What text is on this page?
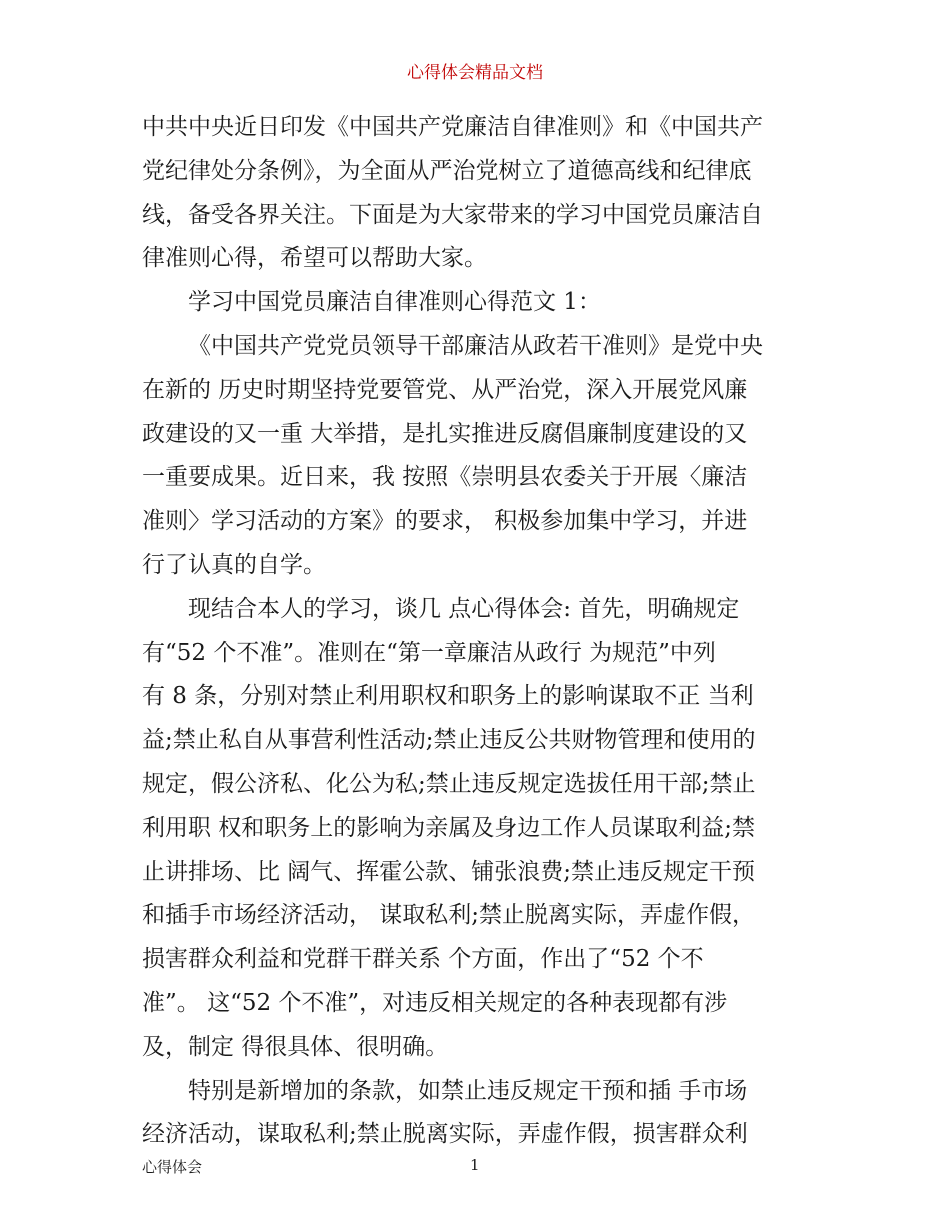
心得体会精品文档
中共中央近日印发《中国共产党廉洁自律准则》和《中国共产
党纪律处分条例》，为全面从严治党树立了道德高线和纪律底
线，备受各界关注。下面是为大家带来的学习中国党员廉洁自
律准则心得，希望可以帮助大家。
学习中国党员廉洁自律准则心得范文 1：
《中国共产党党员领导干部廉洁从政若干准则》是党中央
在新的 历史时期坚持党要管党、从严治党，深入开展党风廉
政建设的又一重 大举措，是扎实推进反腐倡廉制度建设的又
一重要成果。近日来，我 按照《崇明县农委关于开展〈廉洁
准则〉学习活动的方案》的要求， 积极参加集中学习，并进
行了认真的自学。
现结合本人的学习，谈几 点心得体会: 首先，明确规定
有“52 个不准”。准则在“第一章廉洁从政行 为规范”中列
有 8 条，分别对禁止利用职权和职务上的影响谋取不正 当利
益;禁止私自从事营利性活动;禁止违反公共财物管理和使用的
规定，假公济私、化公为私;禁止违反规定选拔任用干部;禁止
利用职 权和职务上的影响为亲属及身边工作人员谋取利益;禁
止讲排场、比 阔气、挥霍公款、铺张浪费;禁止违反规定干预
和插手市场经济活动， 谋取私利;禁止脱离实际，弄虚作假，
损害群众利益和党群干群关系 个方面，作出了“52 个不
准”。 这“52 个不准”，对违反相关规定的各种表现都有涉
及，制定 得很具体、很明确。
特别是新增加的条款，如禁止违反规定干预和插 手市场
经济活动，谋取私利;禁止脱离实际，弄虚作假，损害群众利
心得体会	1
